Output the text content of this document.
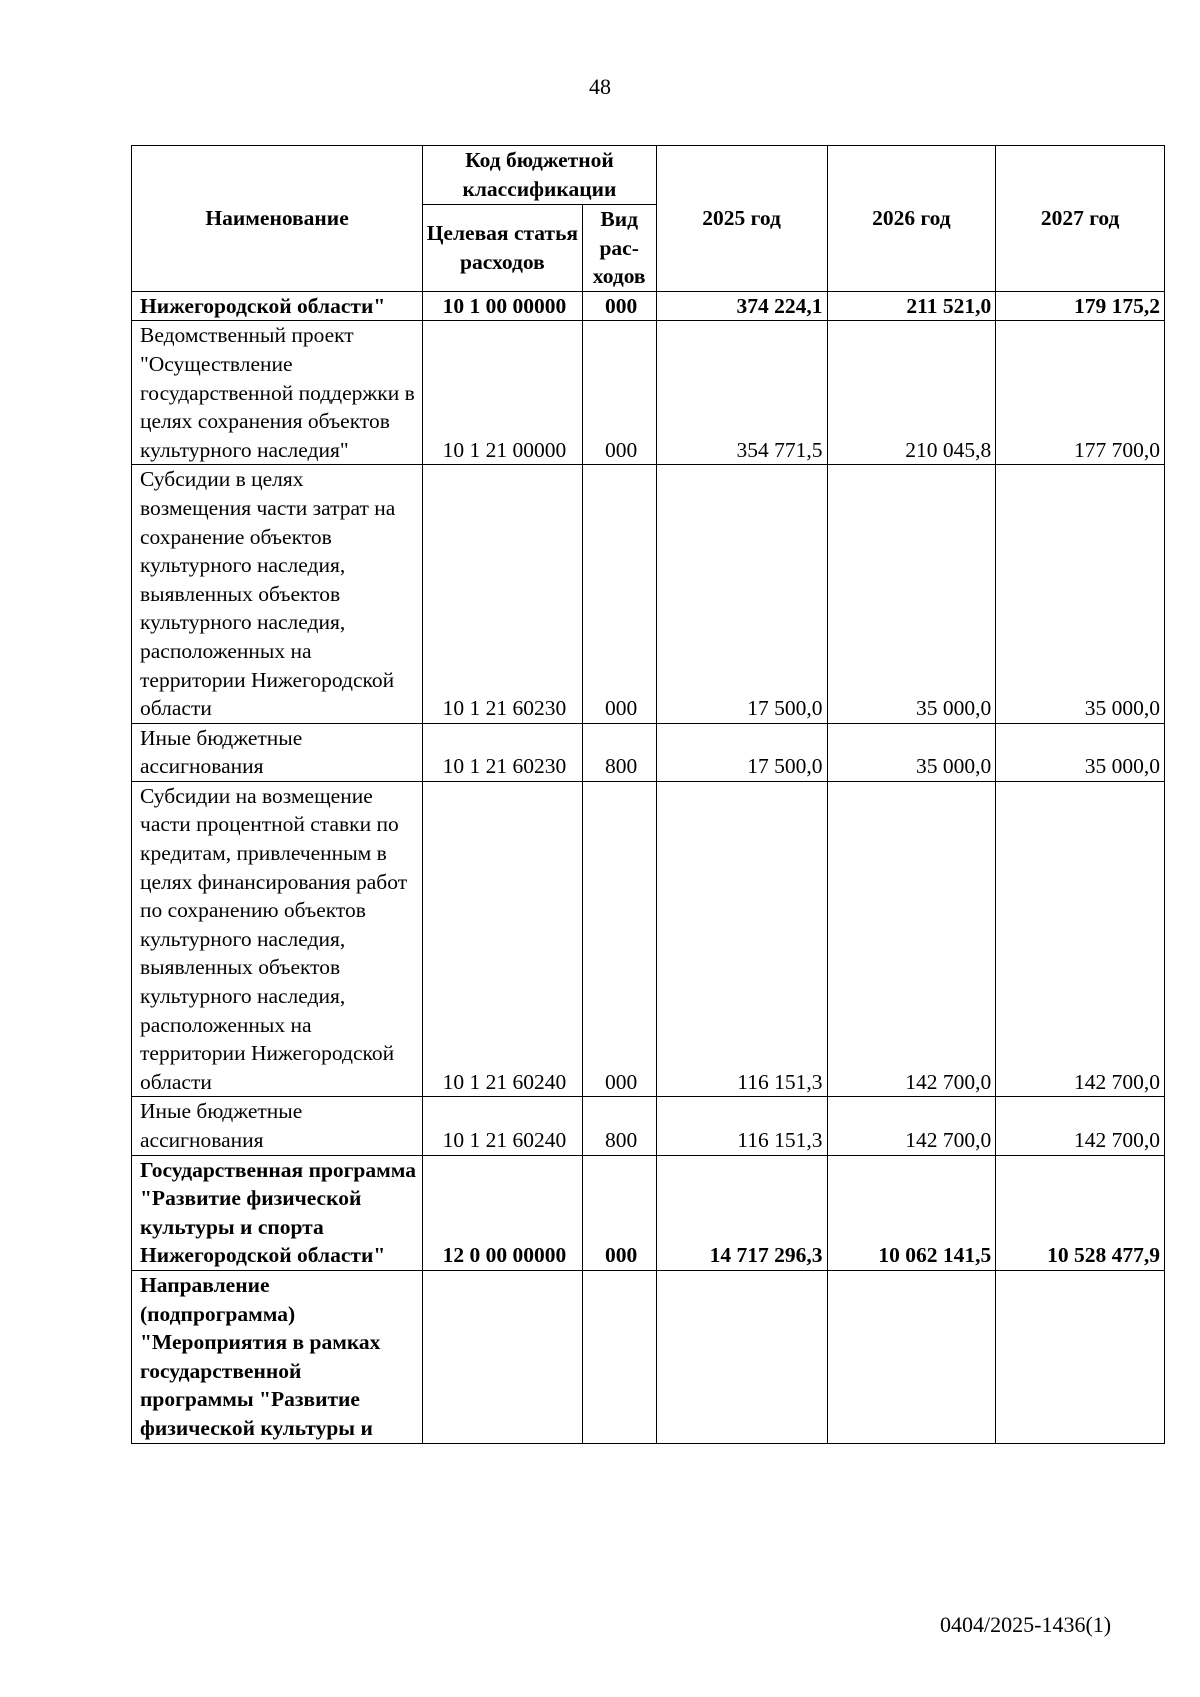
48
Наименование	Код бюджетной классификации		2025 год	2026 год	2027 год
	Целевая статья расходов	Вид рас-ходов			
Нижегородской области"	10 1 00 00000	000	374 224,1	211 521,0	179 175,2
Ведомственный проект "Осуществление государственной поддержки в целях сохранения объектов культурного наследия"	10 1 21 00000	000	354 771,5	210 045,8	177 700,0
Субсидии в целях возмещения части затрат на сохранение объектов культурного наследия, выявленных объектов культурного наследия, расположенных на территории Нижегородской области	10 1 21 60230	000	17 500,0	35 000,0	35 000,0
Иные бюджетные ассигнования	10 1 21 60230	800	17 500,0	35 000,0	35 000,0
Субсидии на возмещение части процентной ставки по кредитам, привлеченным в целях финансирования работ по сохранению объектов культурного наследия, выявленных объектов культурного наследия, расположенных на территории Нижегородской области	10 1 21 60240	000	116 151,3	142 700,0	142 700,0
Иные бюджетные ассигнования	10 1 21 60240	800	116 151,3	142 700,0	142 700,0
Государственная программа "Развитие физической культуры и спорта Нижегородской области"	12 0 00 00000	000	14 717 296,3	10 062 141,5	10 528 477,9
Направление (подпрограмма) "Мероприятия в рамках государственной программы "Развитие физической культуры и					
0404/2025-1436(1)
